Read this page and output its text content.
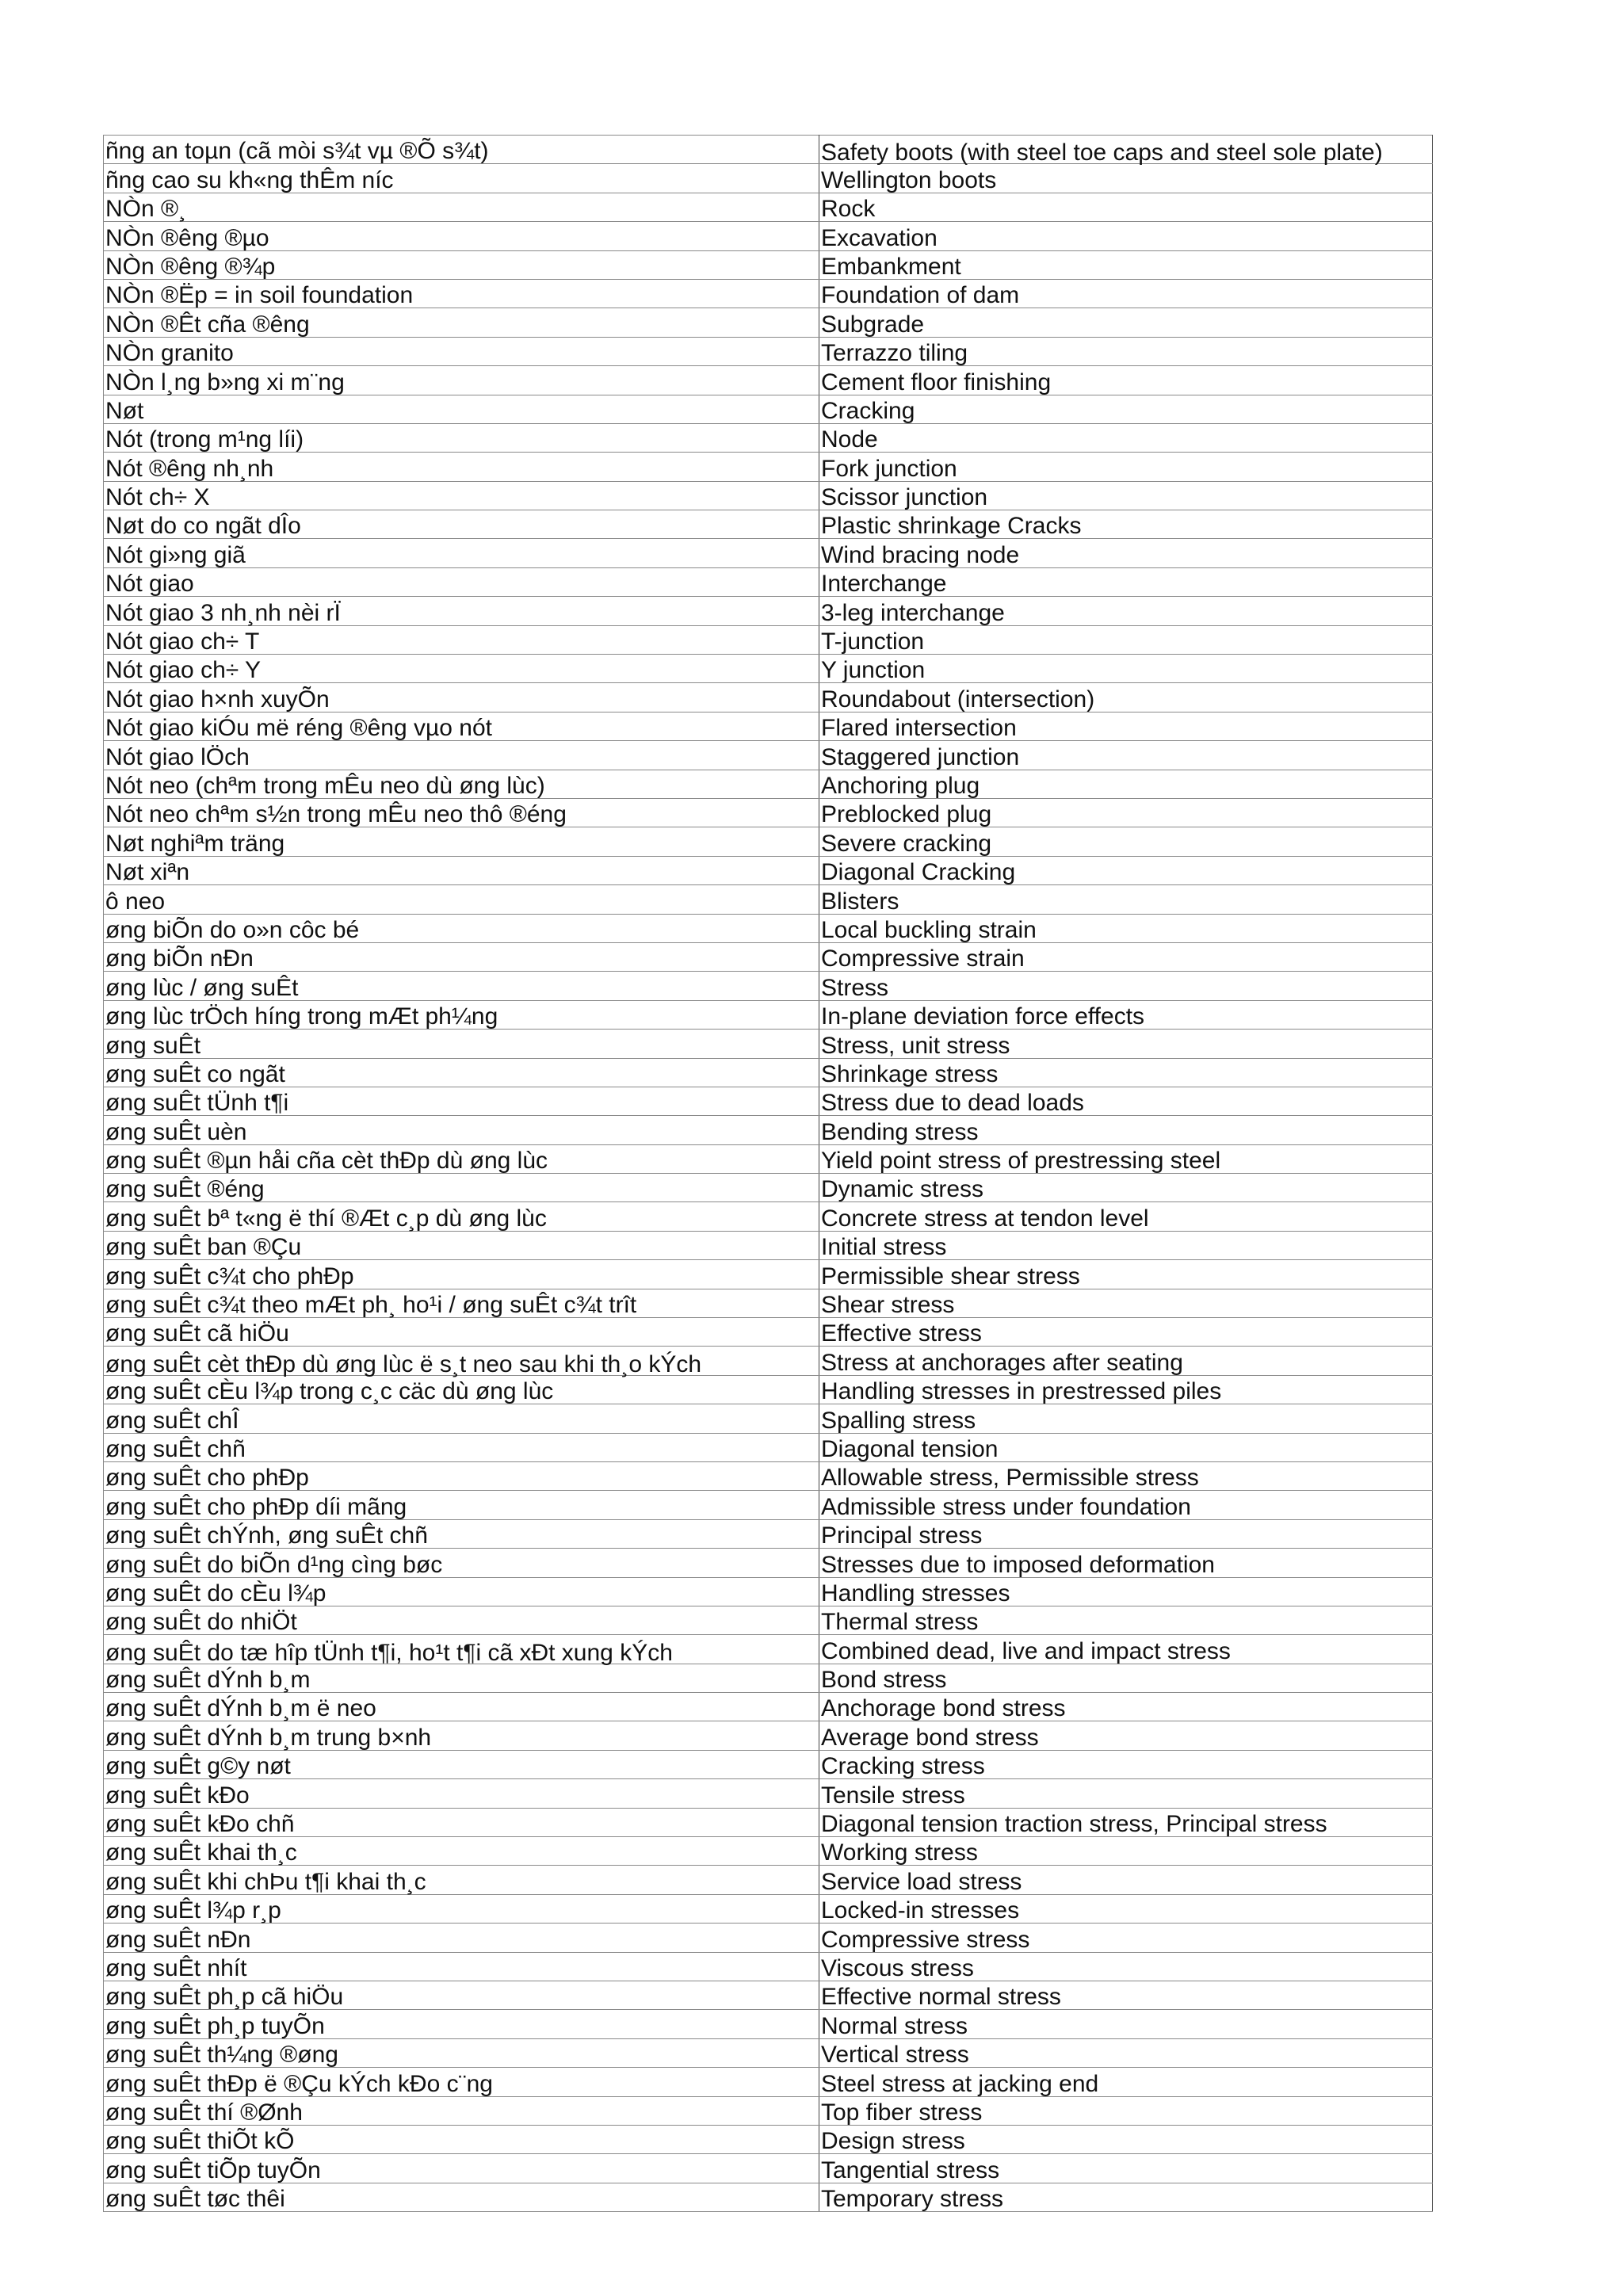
ñng an toµn (cã mòi s¾t vµ ®Õ s¾t)	Safety boots (with steel toe caps and steel sole plate)

ñng cao su kh«ng thÊm níc	Wellington boots
NÒn ®¸	Rock
NÒn ®êng ®µo	Excavation
NÒn ®êng ®¾p	Embankment
NÒn ®Ëp = in soil foundation	Foundation of dam
NÒn ®Êt cña ®êng	Subgrade
NÒn granito	Terrazzo tiling
NÒn l¸ng b»ng xi m¨ng	Cement floor finishing
Nøt	Cracking
Nót (trong m¹ng líi)	Node
Nót ®êng nh¸nh	Fork junction
Nót ch÷ X	Scissor junction
Nøt do co ngãt dÎo	Plastic shrinkage Cracks
Nót gi»ng giã	Wind bracing node
Nót giao	Interchange
Nót giao 3 nh¸nh nèi rÏ	3-leg interchange
Nót giao ch÷ T	T-junction
Nót giao ch÷ Y	Y junction
Nót giao h×nh xuyÕn	Roundabout (intersection)
Nót giao kiÓu më réng ®êng vµo nót	Flared intersection
Nót giao lÖch	Staggered junction
Nót neo (chªm trong mÊu neo dù øng lùc)	Anchoring plug
Nót neo chªm s½n trong mÊu neo thô ®éng	Preblocked plug
Nøt nghiªm träng	Severe cracking
Nøt xiªn	Diagonal Cracking
ô neo	Blisters
øng biÕn do o»n côc bé	Local buckling strain
øng biÕn nÐn	Compressive strain
øng lùc / øng suÊt	Stress
øng lùc trÖch híng trong mÆt ph¼ng	In-plane deviation force effects
øng suÊt	Stress, unit stress
øng suÊt co ngãt	Shrinkage stress
øng suÊt tÜnh t¶i	Stress due to dead loads
øng suÊt uèn	Bending stress
øng suÊt ®µn håi cña cèt thÐp dù øng lùc	Yield point stress of prestressing steel
øng suÊt ®éng	Dynamic stress
øng suÊt bª t«ng ë thí ®Æt c¸p dù øng lùc	Concrete stress at tendon level
øng suÊt ban ®Çu	Initial stress
øng suÊt c¾t cho phÐp	Permissible shear stress
øng suÊt c¾t theo mÆt ph¸ ho¹i / øng suÊt c¾t trît	Shear stress
øng suÊt cã hiÖu	Effective stress

øng suÊt cèt thÐp dù øng lùc ë s¸t neo sau khi th¸o kÝch	Stress at anchorages after seating
øng suÊt cÈu l¾p trong c¸c cäc dù øng lùc	Handling stresses in prestressed piles
øng suÊt chÎ	Spalling stress
øng suÊt chñ	Diagonal tension
øng suÊt cho phÐp	Allowable stress, Permissible stress
øng suÊt cho phÐp díi mãng	Admissible stress under foundation
øng suÊt chÝnh, øng suÊt chñ	Principal stress
øng suÊt do biÕn d¹ng cìng bøc	Stresses due to imposed deformation
øng suÊt do cÈu l¾p	Handling stresses
øng suÊt do nhiÖt	Thermal stress

øng suÊt do tæ hîp tÜnh t¶i, ho¹t t¶i cã xÐt xung kÝch	Combined dead, live and impact stress
øng suÊt dÝnh b¸m	Bond stress
øng suÊt dÝnh b¸m ë neo	Anchorage bond stress
øng suÊt dÝnh b¸m trung b×nh	Average bond stress
øng suÊt g©y nøt	Cracking stress
øng suÊt kÐo	Tensile stress
øng suÊt kÐo chñ	Diagonal tension traction stress, Principal stress
øng suÊt khai th¸c	Working stress
øng suÊt khi chÞu t¶i khai th¸c	Service load stress
øng suÊt l¾p r¸p	Locked-in stresses
øng suÊt nÐn	Compressive stress
øng suÊt nhít	Viscous stress
øng suÊt ph¸p cã hiÖu	Effective normal stress
øng suÊt ph¸p tuyÕn	Normal stress
øng suÊt th¼ng ®øng	Vertical stress
øng suÊt thÐp ë ®Çu kÝch kÐo c¨ng	Steel stress at jacking end
øng suÊt thí ®Ønh	Top fiber stress
øng suÊt thiÕt kÕ	Design stress
øng suÊt tiÕp tuyÕn	Tangential stress
øng suÊt tøc thêi	Temporary stress
